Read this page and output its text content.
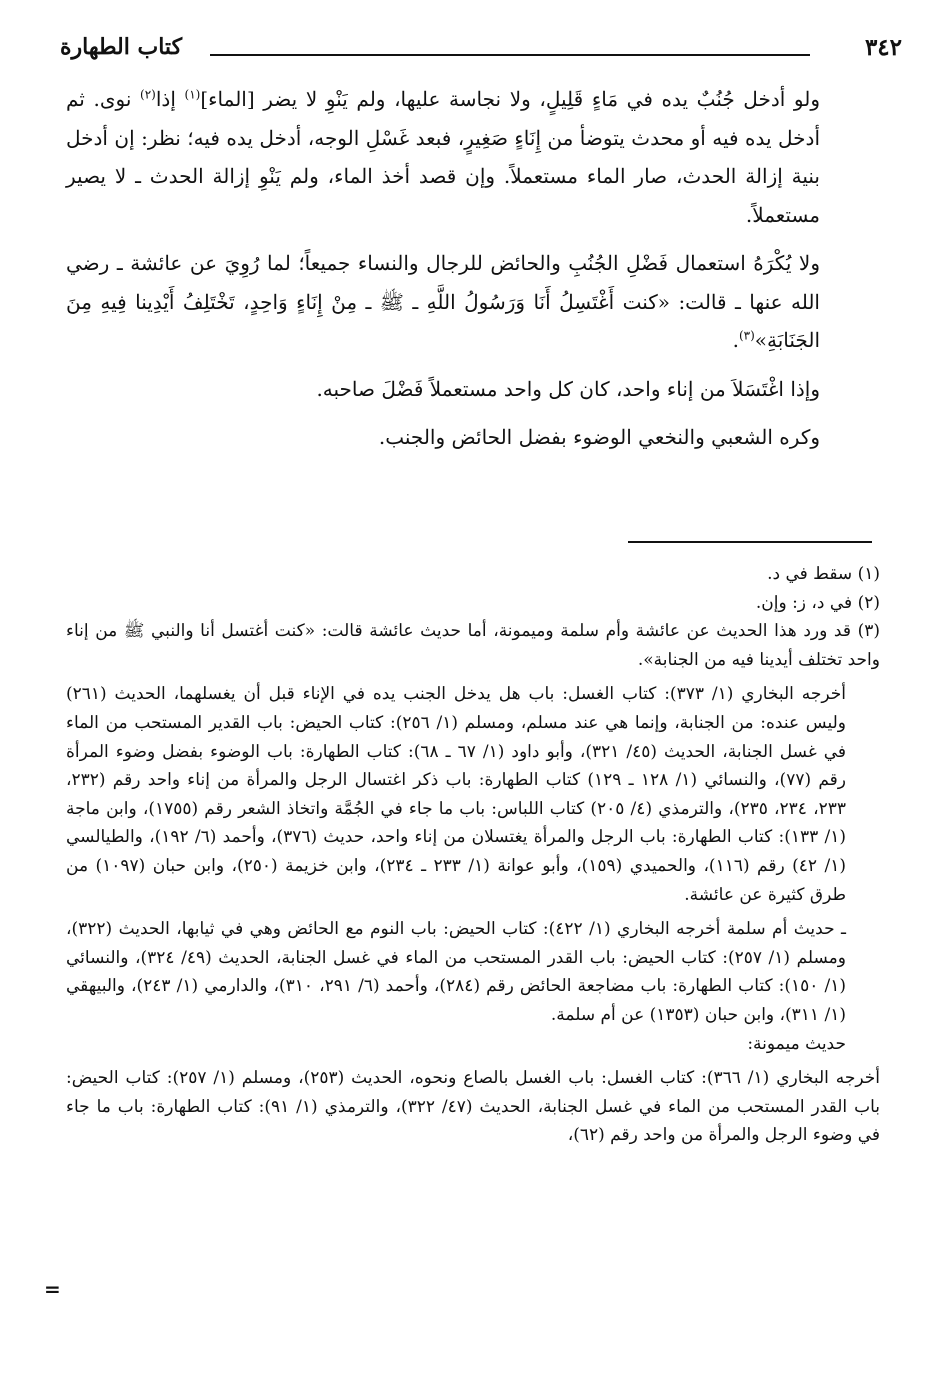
٣٤٢
كتاب الطهارة

ولو أدخل جُنُبٌ يده في مَاءٍ قَلِيلٍ، ولا نجاسة عليها، ولم يَنْوِ لا يضر [الماء]$^{(١)}$ إذا$^{(٢)}$ نوى. ثم أدخل يده فيه أو محدث يتوضأ من إِنَاءٍ صَغِيرٍ، فبعد غَسْلِ الوجه، أدخل يده فيه؛ نظر: إن أدخل بنية إزالة الحدث، صار الماء مستعملاً. وإن قصد أخذ الماء، ولم يَنْوِ إزالة الحدث ـ لا يصير مستعملاً.

ولا يُكْرَهُ استعمال فَضْلِ الجُنُبِ والحائض للرجال والنساء جميعاً؛ لما رُوِيَ عن عائشة ـ رضي الله عنها ـ قالت: «كنت أَغْتَسِلُ أَنَا وَرَسُولُ اللَّهِ ـ ﷺ ـ مِنْ إِنَاءٍ وَاحِدٍ، تَخْتَلِفُ أَيْدِينا فِيهِ مِنَ الجَنَابَةِ»$^{(٣)}$.

وإذا اغْتَسَلاَ من إناء واحد، كان كل واحد مستعملاً فَضْلَ صاحبه.

وكره الشعبي والنخعي الوضوء بفضل الحائض والجنب.

(١) سقط في د.

(٢) في د، ز: وإن.

(٣) قد ورد هذا الحديث عن عائشة وأم سلمة وميمونة، أما حديث عائشة قالت: «كنت أغتسل أنا والنبي ﷺ من إناء واحد تختلف أيدينا فيه من الجنابة».

أخرجه البخاري (١/ ٣٧٣): كتاب الغسل: باب هل يدخل الجنب يده في الإناء قبل أن يغسلهما، الحديث (٢٦١) وليس عنده: من الجنابة، وإنما هي عند مسلم، ومسلم (١/ ٢٥٦): كتاب الحيض: باب القدير المستحب من الماء في غسل الجنابة، الحديث (٤٥/ ٣٢١)، وأبو داود (١/ ٦٧ ـ ٦٨): كتاب الطهارة: باب الوضوء بفضل وضوء المرأة رقم (٧٧)، والنسائي (١/ ١٢٨ ـ ١٢٩) كتاب الطهارة: باب ذكر اغتسال الرجل والمرأة من إناء واحد رقم (٢٣٢، ٢٣٣، ٢٣٤، ٢٣٥)، والترمذي (٤/ ٢٠٥) كتاب اللباس: باب ما جاء في الجُمَّة واتخاذ الشعر رقم (١٧٥٥)، وابن ماجة (١/ ١٣٣): كتاب الطهارة: باب الرجل والمرأة يغتسلان من إناء واحد، حديث (٣٧٦)، وأحمد (٦/ ١٩٢)، والطيالسي (١/ ٤٢) رقم (١١٦)، والحميدي (١٥٩)، وأبو عوانة (١/ ٢٣٣ ـ ٢٣٤)، وابن خزيمة (٢٥٠)، وابن حبان (١٠٩٧) من طرق كثيرة عن عائشة.

ـ حديث أم سلمة أخرجه البخاري (١/ ٤٢٢): كتاب الحيض: باب النوم مع الحائض وهي في ثيابها، الحديث (٣٢٢)، ومسلم (١/ ٢٥٧): كتاب الحيض: باب القدر المستحب من الماء في غسل الجنابة، الحديث (٤٩/ ٣٢٤)، والنسائي (١/ ١٥٠): كتاب الطهارة: باب مضاجعة الحائض رقم (٢٨٤)، وأحمد (٦/ ٢٩١، ٣١٠)، والدارمي (١/ ٢٤٣)، والبيهقي (١/ ٣١١)، وابن حبان (١٣٥٣) عن أم سلمة.

حديث ميمونة:

أخرجه البخاري (١/ ٣٦٦): كتاب الغسل: باب الغسل بالصاع ونحوه، الحديث (٢٥٣)، ومسلم (١/ ٢٥٧): كتاب الحيض: باب القدر المستحب من الماء في غسل الجنابة، الحديث (٤٧/ ٣٢٢)، والترمذي (١/ ٩١): كتاب الطهارة: باب ما جاء في وضوء الرجل والمرأة من واحد رقم (٦٢)،

=
